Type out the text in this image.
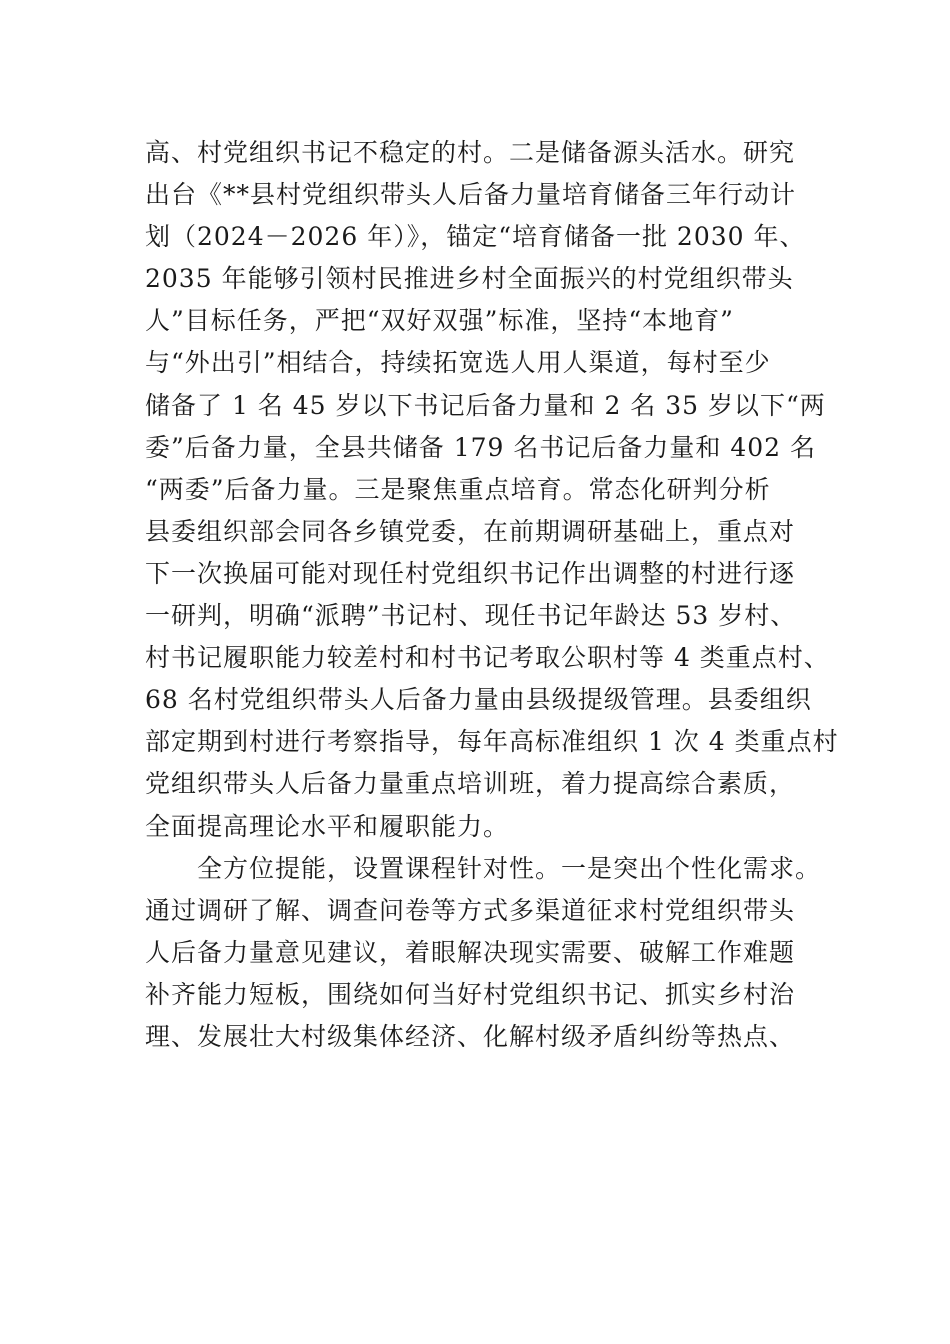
高、村党组织书记不稳定的村。二是储备源头活水。研究
出台《**县村党组织带头人后备力量培育储备三年行动计
划（2024－2026 年）》，锚定“培育储备一批 2030 年、
2035 年能够引领村民推进乡村全面振兴的村党组织带头
人”目标任务，严把“双好双强”标准，坚持“本地育”
与“外出引”相结合，持续拓宽选人用人渠道，每村至少
储备了 1 名 45 岁以下书记后备力量和 2 名 35 岁以下“两
委”后备力量，全县共储备 179 名书记后备力量和 402 名
“两委”后备力量。三是聚焦重点培育。常态化研判分析
县委组织部会同各乡镇党委，在前期调研基础上，重点对
下一次换届可能对现任村党组织书记作出调整的村进行逐
一研判，明确“派聘”书记村、现任书记年龄达 53 岁村、
村书记履职能力较差村和村书记考取公职村等 4 类重点村、
68 名村党组织带头人后备力量由县级提级管理。县委组织
部定期到村进行考察指导，每年高标准组织 1 次 4 类重点村
党组织带头人后备力量重点培训班，着力提高综合素质，
全面提高理论水平和履职能力。
　　全方位提能，设置课程针对性。一是突出个性化需求。
通过调研了解、调查问卷等方式多渠道征求村党组织带头
人后备力量意见建议，着眼解决现实需要、破解工作难题
补齐能力短板，围绕如何当好村党组织书记、抓实乡村治
理、发展壮大村级集体经济、化解村级矛盾纠纷等热点、
